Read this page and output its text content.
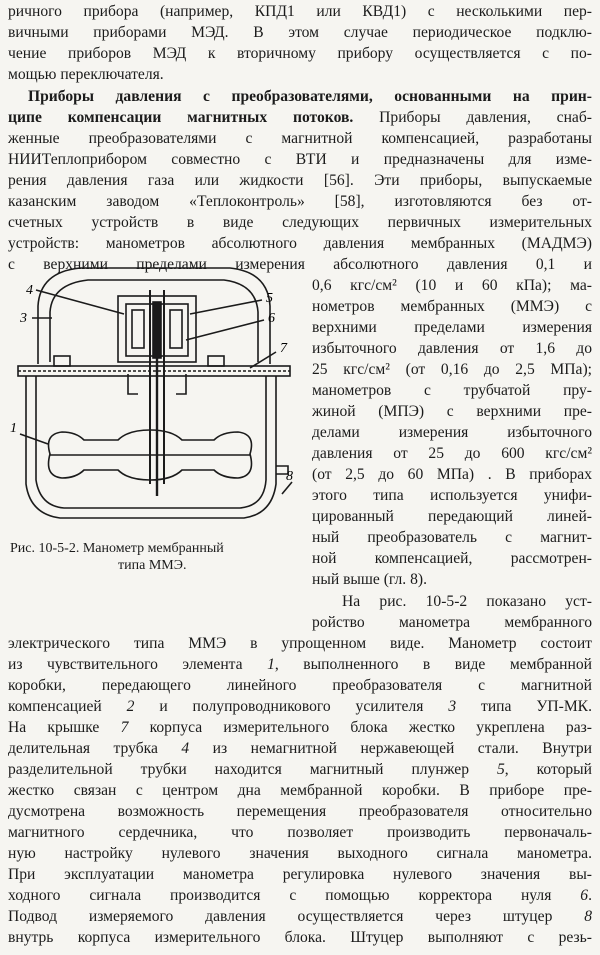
ричного прибора (например, КПД1 или КВД1) с несколькими пер-
вичными приборами МЭД. В этом случае периодическое подклю-
чение приборов МЭД к вторичному прибору осуществляется с по-
мощью переключателя.
Приборы давления с преобразователями, основанными на прин-
ципе компенсации магнитных потоков. Приборы давления, снаб-
женные преобразователями с магнитной компенсацией, разработаны
НИИТеплоприбором совместно с ВТИ и предназначены для изме-
рения давления газа или жидкости [56]. Эти приборы, выпускаемые
казанским заводом «Теплоконтроль» [58], изготовляются без от-
счетных устройств в виде следующих первичных измерительных
устройств: манометров абсолютного давления мембранных (МАДМЭ)
с верхними пределами измерения абсолютного давления 0,1 и
0,6 кгс/см² (10 и 60 кПа); ма-
нометров мембранных (ММЭ) с
верхними пределами измерения
избыточного давления от 1,6 до
25 кгс/см² (от 0,16 до 2,5 МПа);
манометров с трубчатой пру-
жиной (МПЭ) с верхними пре-
делами измерения избыточного
давления от 25 до 600 кгс/см²
(от 2,5 до 60 МПа) . В приборах
этого типа используется унифи-
цированный передающий линей-
ный преобразователь с магнит-
ной компенсацией, рассмотрен-
ный выше (гл. 8).
4
3
5
6
7
1
8
Рис. 10-5-2. Манометр мембранный
типа ММЭ.
На рис. 10-5-2 показано уст-
ройство манометра мембранного
электрического типа ММЭ в упрощенном виде. Манометр состоит
из чувствительного элемента 1, выполненного в виде мембранной
коробки, передающего линейного преобразователя с магнитной
компенсацией 2 и полупроводникового усилителя 3 типа УП-МК.
На крышке 7 корпуса измерительного блока жестко укреплена раз-
делительная трубка 4 из немагнитной нержавеющей стали. Внутри
разделительной трубки находится магнитный плунжер 5, который
жестко связан с центром дна мембранной коробки. В приборе пре-
дусмотрена возможность перемещения преобразователя относительно
магнитного сердечника, что позволяет производить первоначаль-
ную настройку нулевого значения выходного сигнала манометра.
При эксплуатации манометра регулировка нулевого значения вы-
ходного сигнала производится с помощью корректора нуля 6.
Подвод измеряемого давления осуществляется через штуцер 8
внутрь корпуса измерительного блока. Штуцер выполняют с резь-
